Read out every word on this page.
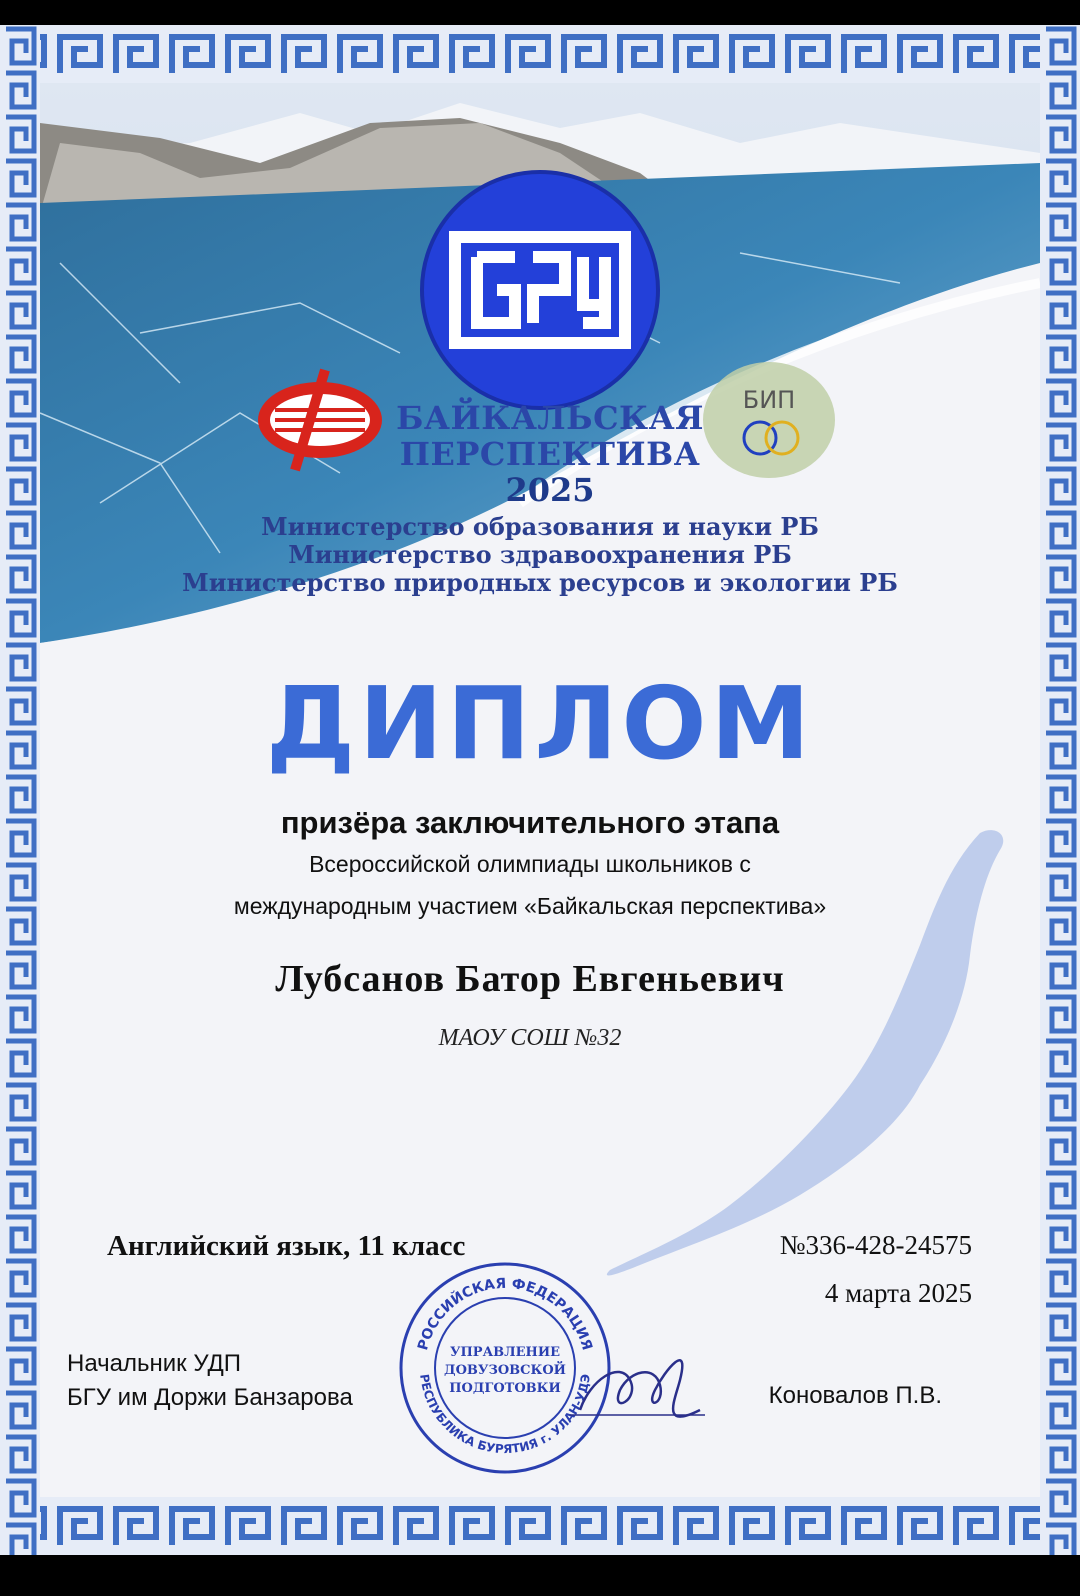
БИП
БАЙКАЛЬСКАЯ
ПЕРСПЕКТИВА
2025
Министерство образования и науки РБ
Министерство здравоохранения РБ
Министерство природных ресурсов и экологии РБ
ДИПЛОМ
призёра заключительного этапа
Всероссийской олимпиады школьников с
международным участием «Байкальская перспектива»
Лубсанов Батор Евгеньевич
МАОУ СОШ №32
Английский язык, 11 класс	№336-428-24575
4 марта 2025
Начальник УДП
БГУ им Доржи Банзарова	Коновалов П.В.
РОССИЙСКАЯ ФЕДЕРАЦИЯ
РЕСПУБЛИКА БУРЯТИЯ г. УЛАН-УДЭ
УПРАВЛЕНИЕ
ДОВУЗОВСКОЙ
ПОДГОТОВКИ
